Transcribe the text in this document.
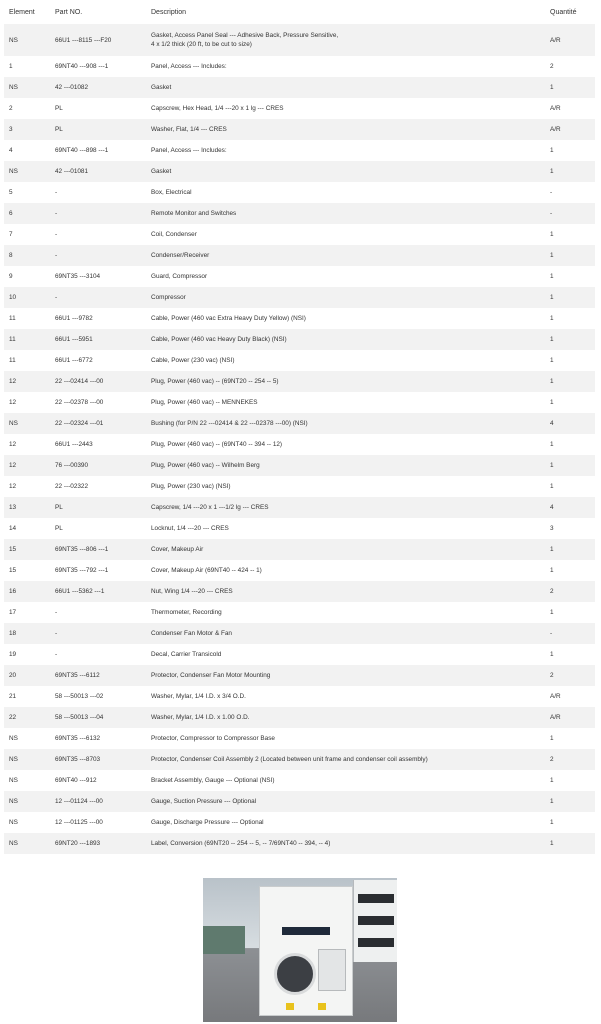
Element	Part NO.	Description	Quantité
NS	66U1 ---8115 ---F20	Gasket, Access Panel Seal --- Adhesive Back, Pressure Sensitive,
4 x 1/2 thick (20 ft, to be cut to size)	A/R
1	69NT40 ---908 ---1	Panel, Access --- Includes:	2
NS	42 ---01082	Gasket	1
2	PL	Capscrew, Hex Head, 1/4 ---20 x 1 lg --- CRES	A/R
3	PL	Washer, Flat, 1/4 --- CRES	A/R
4	69NT40 ---898 ---1	Panel, Access --- Includes:	1
NS	42 ---01081	Gasket	1
5	-	Box, Electrical	-
6	-	Remote Monitor and Switches	-
7	-	Coil, Condenser	1
8	-	Condenser/Receiver	1
9	69NT35 ---3104	Guard, Compressor	1
10	-	Compressor	1
11	66U1 ---9782	Cable, Power (460 vac Extra Heavy Duty Yellow) (NSI)	1
11	66U1 ---5951	Cable, Power (460 vac Heavy Duty Black) (NSI)	1
11	66U1 ---6772	Cable, Power (230 vac) (NSI)	1
12	22 ---02414 ---00	Plug, Power (460 vac) -- (69NT20 -- 254 -- 5)	1
12	22 ---02378 ---00	Plug, Power (460 vac) -- MENNEKES	1
NS	22 ---02324 ---01	Bushing (for P/N 22 ---02414 & 22 ---02378 ---00) (NSI)	4
12	66U1 ---2443	Plug, Power (460 vac) -- (69NT40 -- 394 -- 12)	1
12	76 ---00390	Plug, Power (460 vac) -- Wilhelm Berg	1
12	22 ---02322	Plug, Power (230 vac) (NSI)	1
13	PL	Capscrew, 1/4 ---20 x 1 ---1/2 lg --- CRES	4
14	PL	Locknut, 1/4 ---20 --- CRES	3
15	69NT35 ---806 ---1	Cover, Makeup Air	1
15	69NT35 ---792 ---1	Cover, Makeup Air (69NT40 -- 424 -- 1)	1
16	66U1 ---5362 ---1	Nut, Wing 1/4 ---20 --- CRES	2
17	-	Thermometer, Recording	1
18	-	Condenser Fan Motor & Fan	-
19	-	Decal, Carrier Transicold	1
20	69NT35 ---6112	Protector, Condenser Fan Motor Mounting	2
21	58 ---50013 ---02	Washer, Mylar, 1/4 I.D. x 3/4 O.D.	A/R
22	58 ---50013 ---04	Washer, Mylar, 1/4 I.D. x 1.00 O.D.	A/R
NS	69NT35 ---6132	Protector, Compressor to Compressor Base	1
NS	69NT35 ---8703	Protector, Condenser Coil Assembly 2 (Located between unit frame and condenser coil assembly)	2
NS	69NT40 ---912	Bracket Assembly, Gauge --- Optional (NSI)	1
NS	12 ---01124 ---00	Gauge, Suction Pressure --- Optional	1
NS	12 ---01125 ---00	Gauge, Discharge Pressure --- Optional	1
NS	69NT20 ---1893	Label, Conversion (69NT20 -- 254 -- 5, -- 7/69NT40 -- 394, -- 4)	1
